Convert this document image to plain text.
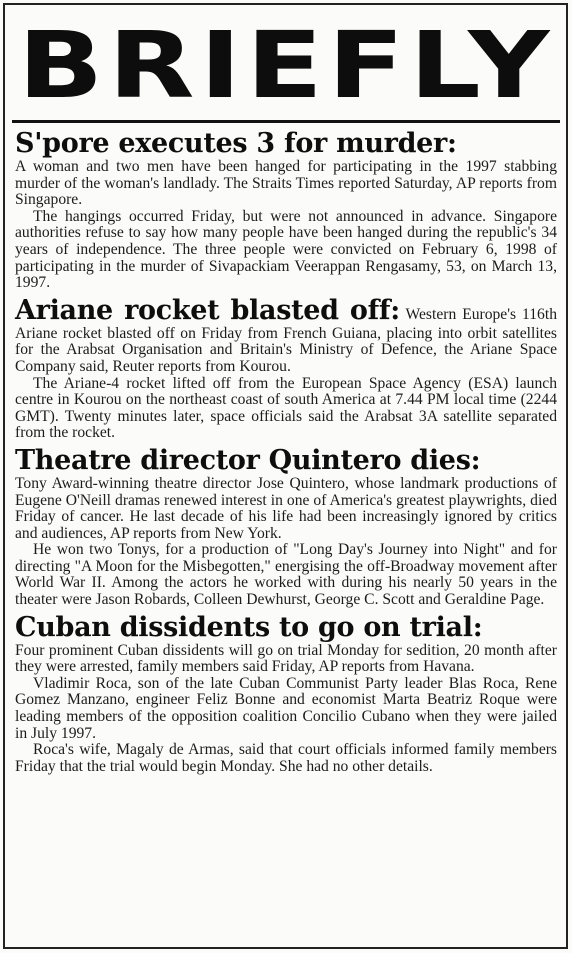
BRIEFLY
S'pore executes 3 for murder:

A woman and two men have been hanged for participating in the 1997 stabbing murder of the woman's landlady. The Straits Times reported Saturday, AP reports from Singapore.

The hangings occurred Friday, but were not announced in advance. Singapore authorities refuse to say how many people have been hanged during the republic's 34 years of independence. The three people were convicted on February 6, 1998 of participating in the murder of Sivapackiam Veerappan Rengasamy, 53, on March 13, 1997.

Ariane rocket blasted off: Western Europe's 116th Ariane rocket blasted off on Friday from French Guiana, placing into orbit satellites for the Arabsat Organisation and Britain's Ministry of Defence, the Ariane Space Company said, Reuter reports from Kourou.

The Ariane-4 rocket lifted off from the European Space Agency (ESA) launch centre in Kourou on the northeast coast of south America at 7.44 PM local time (2244 GMT). Twenty minutes later, space officials said the Arabsat 3A satellite separated from the rocket.

Theatre director Quintero dies:

Tony Award-winning theatre director Jose Quintero, whose landmark productions of Eugene O'Neill dramas renewed interest in one of America's greatest playwrights, died Friday of cancer. He last decade of his life had been increasingly ignored by critics and audiences, AP reports from New York.

He won two Tonys, for a production of "Long Day's Journey into Night" and for directing "A Moon for the Misbegotten," energising the off-Broadway movement after World War II. Among the actors he worked with during his nearly 50 years in the theater were Jason Robards, Colleen Dewhurst, George C. Scott and Geraldine Page.

Cuban dissidents to go on trial:

Four prominent Cuban dissidents will go on trial Monday for sedition, 20 month after they were arrested, family members said Friday, AP reports from Havana.

Vladimir Roca, son of the late Cuban Communist Party leader Blas Roca, Rene Gomez Manzano, engineer Feliz Bonne and economist Marta Beatriz Roque were leading members of the opposition coalition Concilio Cubano when they were jailed in July 1997.

Roca's wife, Magaly de Armas, said that court officials informed family members Friday that the trial would begin Monday. She had no other details.
